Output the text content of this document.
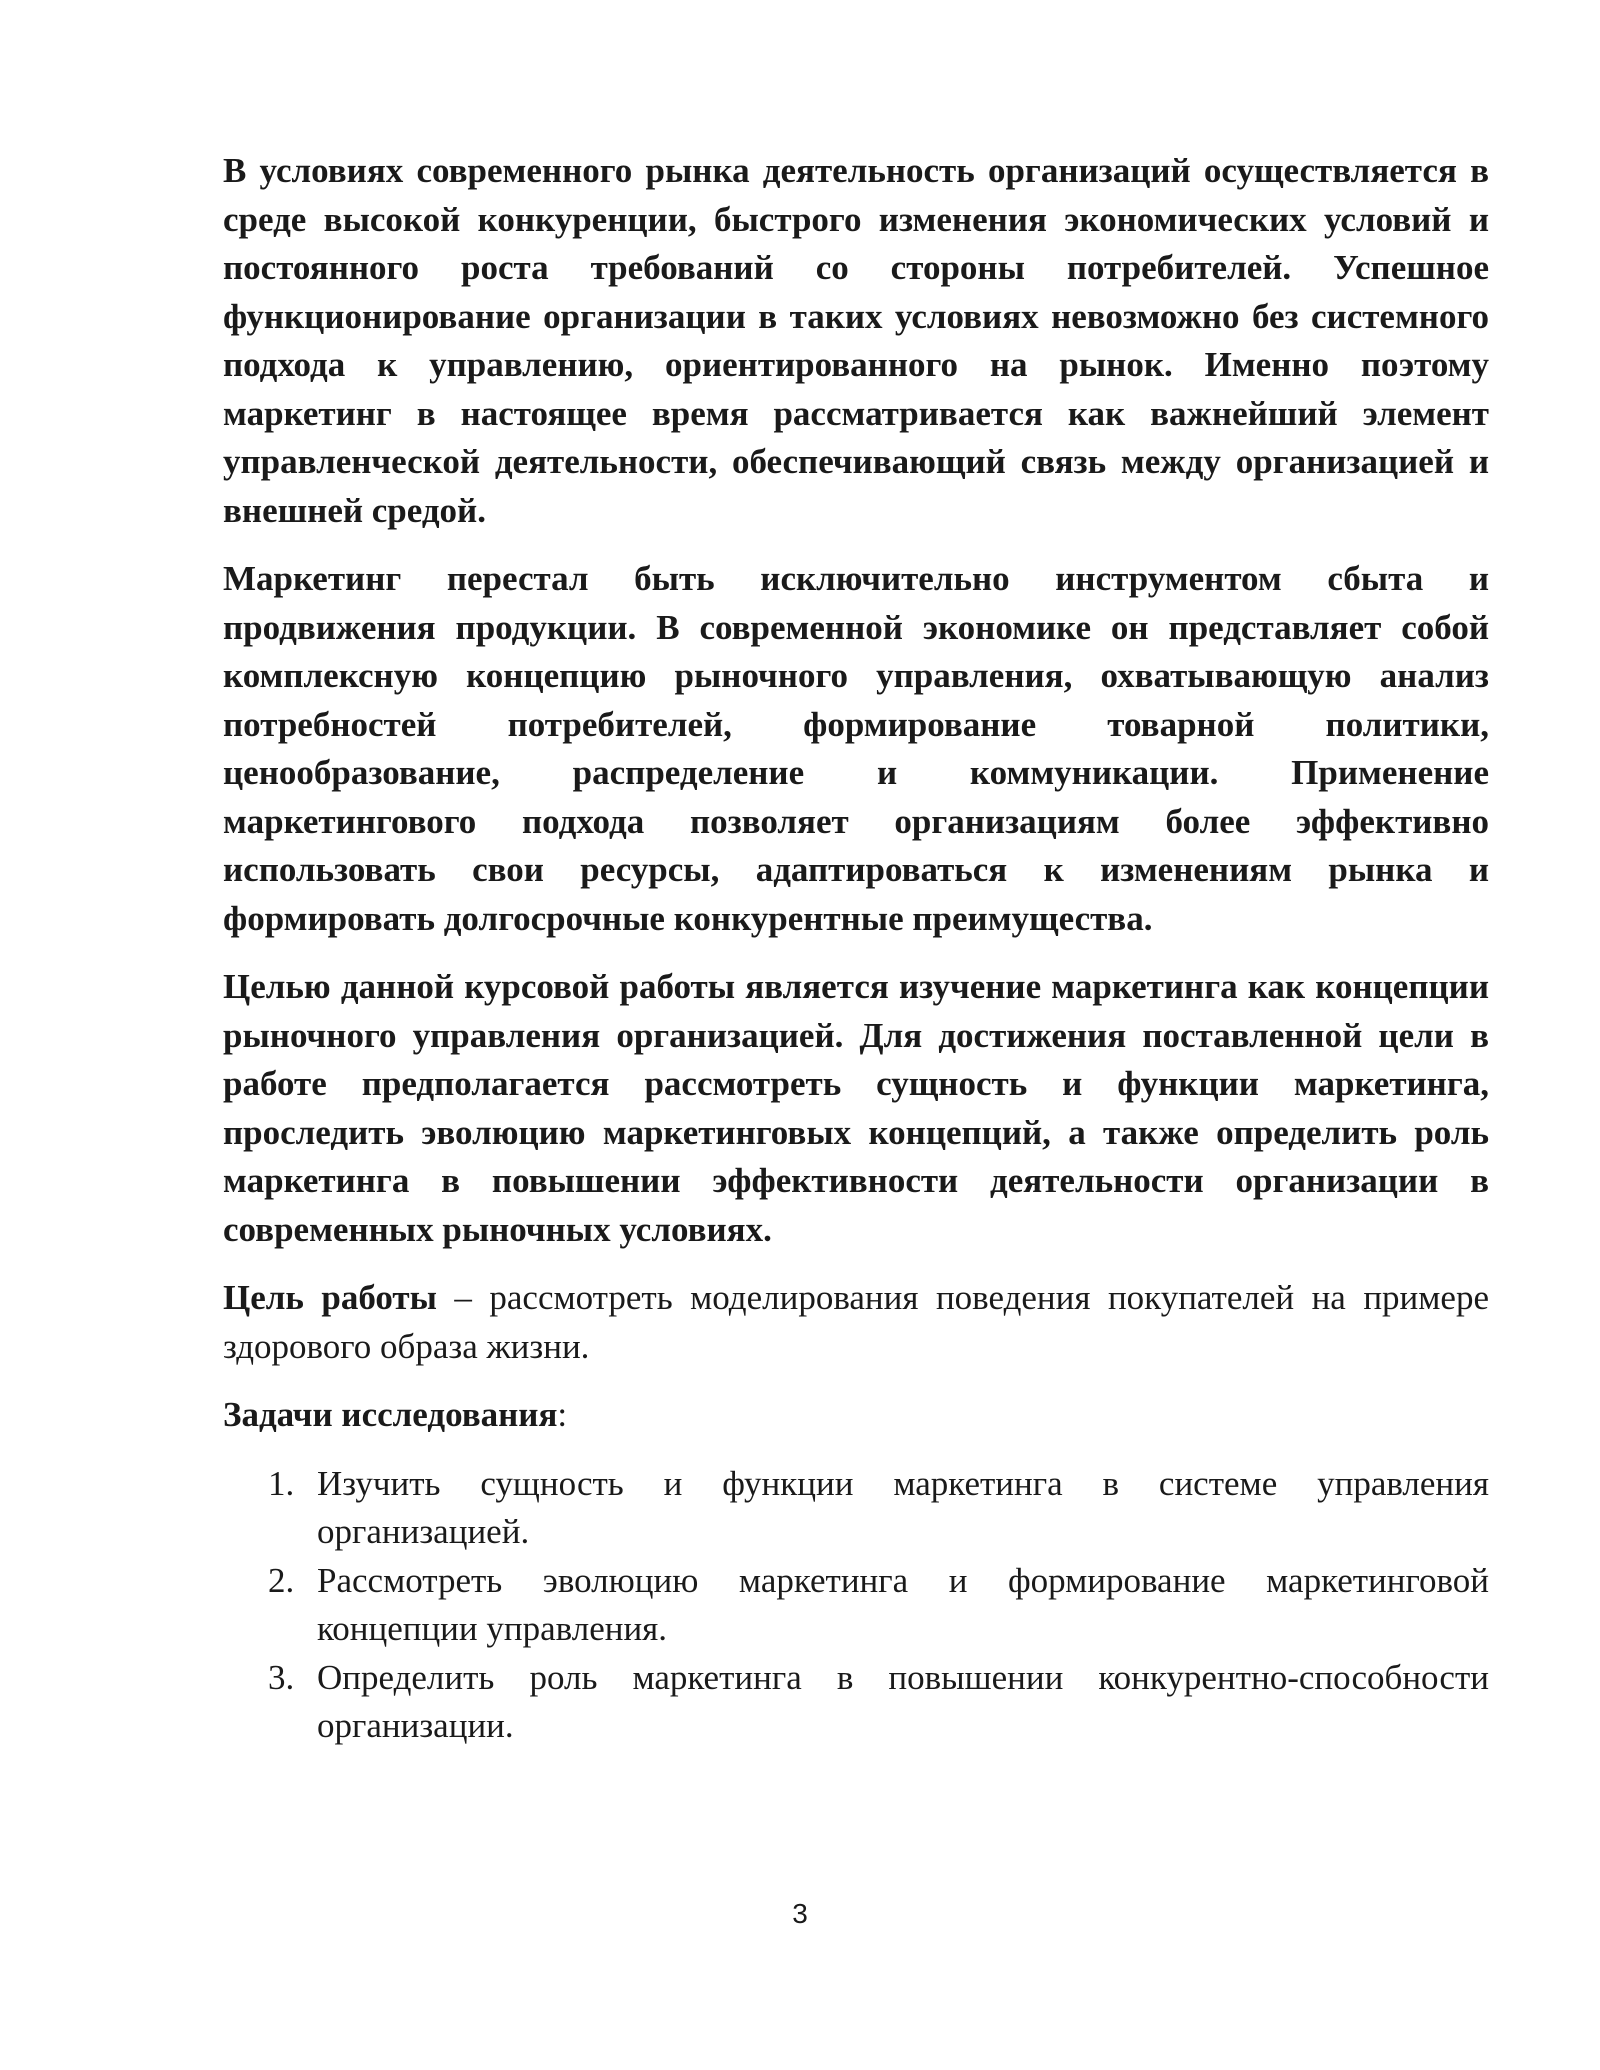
В условиях современного рынка деятельность организаций осуществляется в среде высокой конкуренции, быстрого изменения экономических условий и постоянного роста требований со стороны потребителей. Успешное функционирование организации в таких условиях невозможно без системного подхода к управлению, ориентированного на рынок. Именно поэтому маркетинг в настоящее время рассматривается как важнейший элемент управленческой деятельности, обеспечивающий связь между организацией и внешней средой.

Маркетинг перестал быть исключительно инструментом сбыта и продвижения продукции. В современной экономике он представляет собой комплексную концепцию рыночного управления, охватывающую анализ потребностей потребителей, формирование товарной политики, ценообразование, распределение и коммуникации. Применение маркетингового подхода позволяет организациям более эффективно использовать свои ресурсы, адаптироваться к изменениям рынка и формировать долгосрочные конкурентные преимущества.

Целью данной курсовой работы является изучение маркетинга как концепции рыночного управления организацией. Для достижения поставленной цели в работе предполагается рассмотреть сущность и функции маркетинга, проследить эволюцию маркетинговых концепций, а также определить роль маркетинга в повышении эффективности деятельности организации в современных рыночных условиях.

Цель работы – рассмотреть моделирования поведения покупателей на примере здорового образа жизни.

Задачи исследования:

1. Изучить сущность и функции маркетинга в системе управления организацией.
2. Рассмотреть эволюцию маркетинга и формирование маркетинговой концепции управления.
3. Определить роль маркетинга в повышении конкурентно-способности организации.
3
